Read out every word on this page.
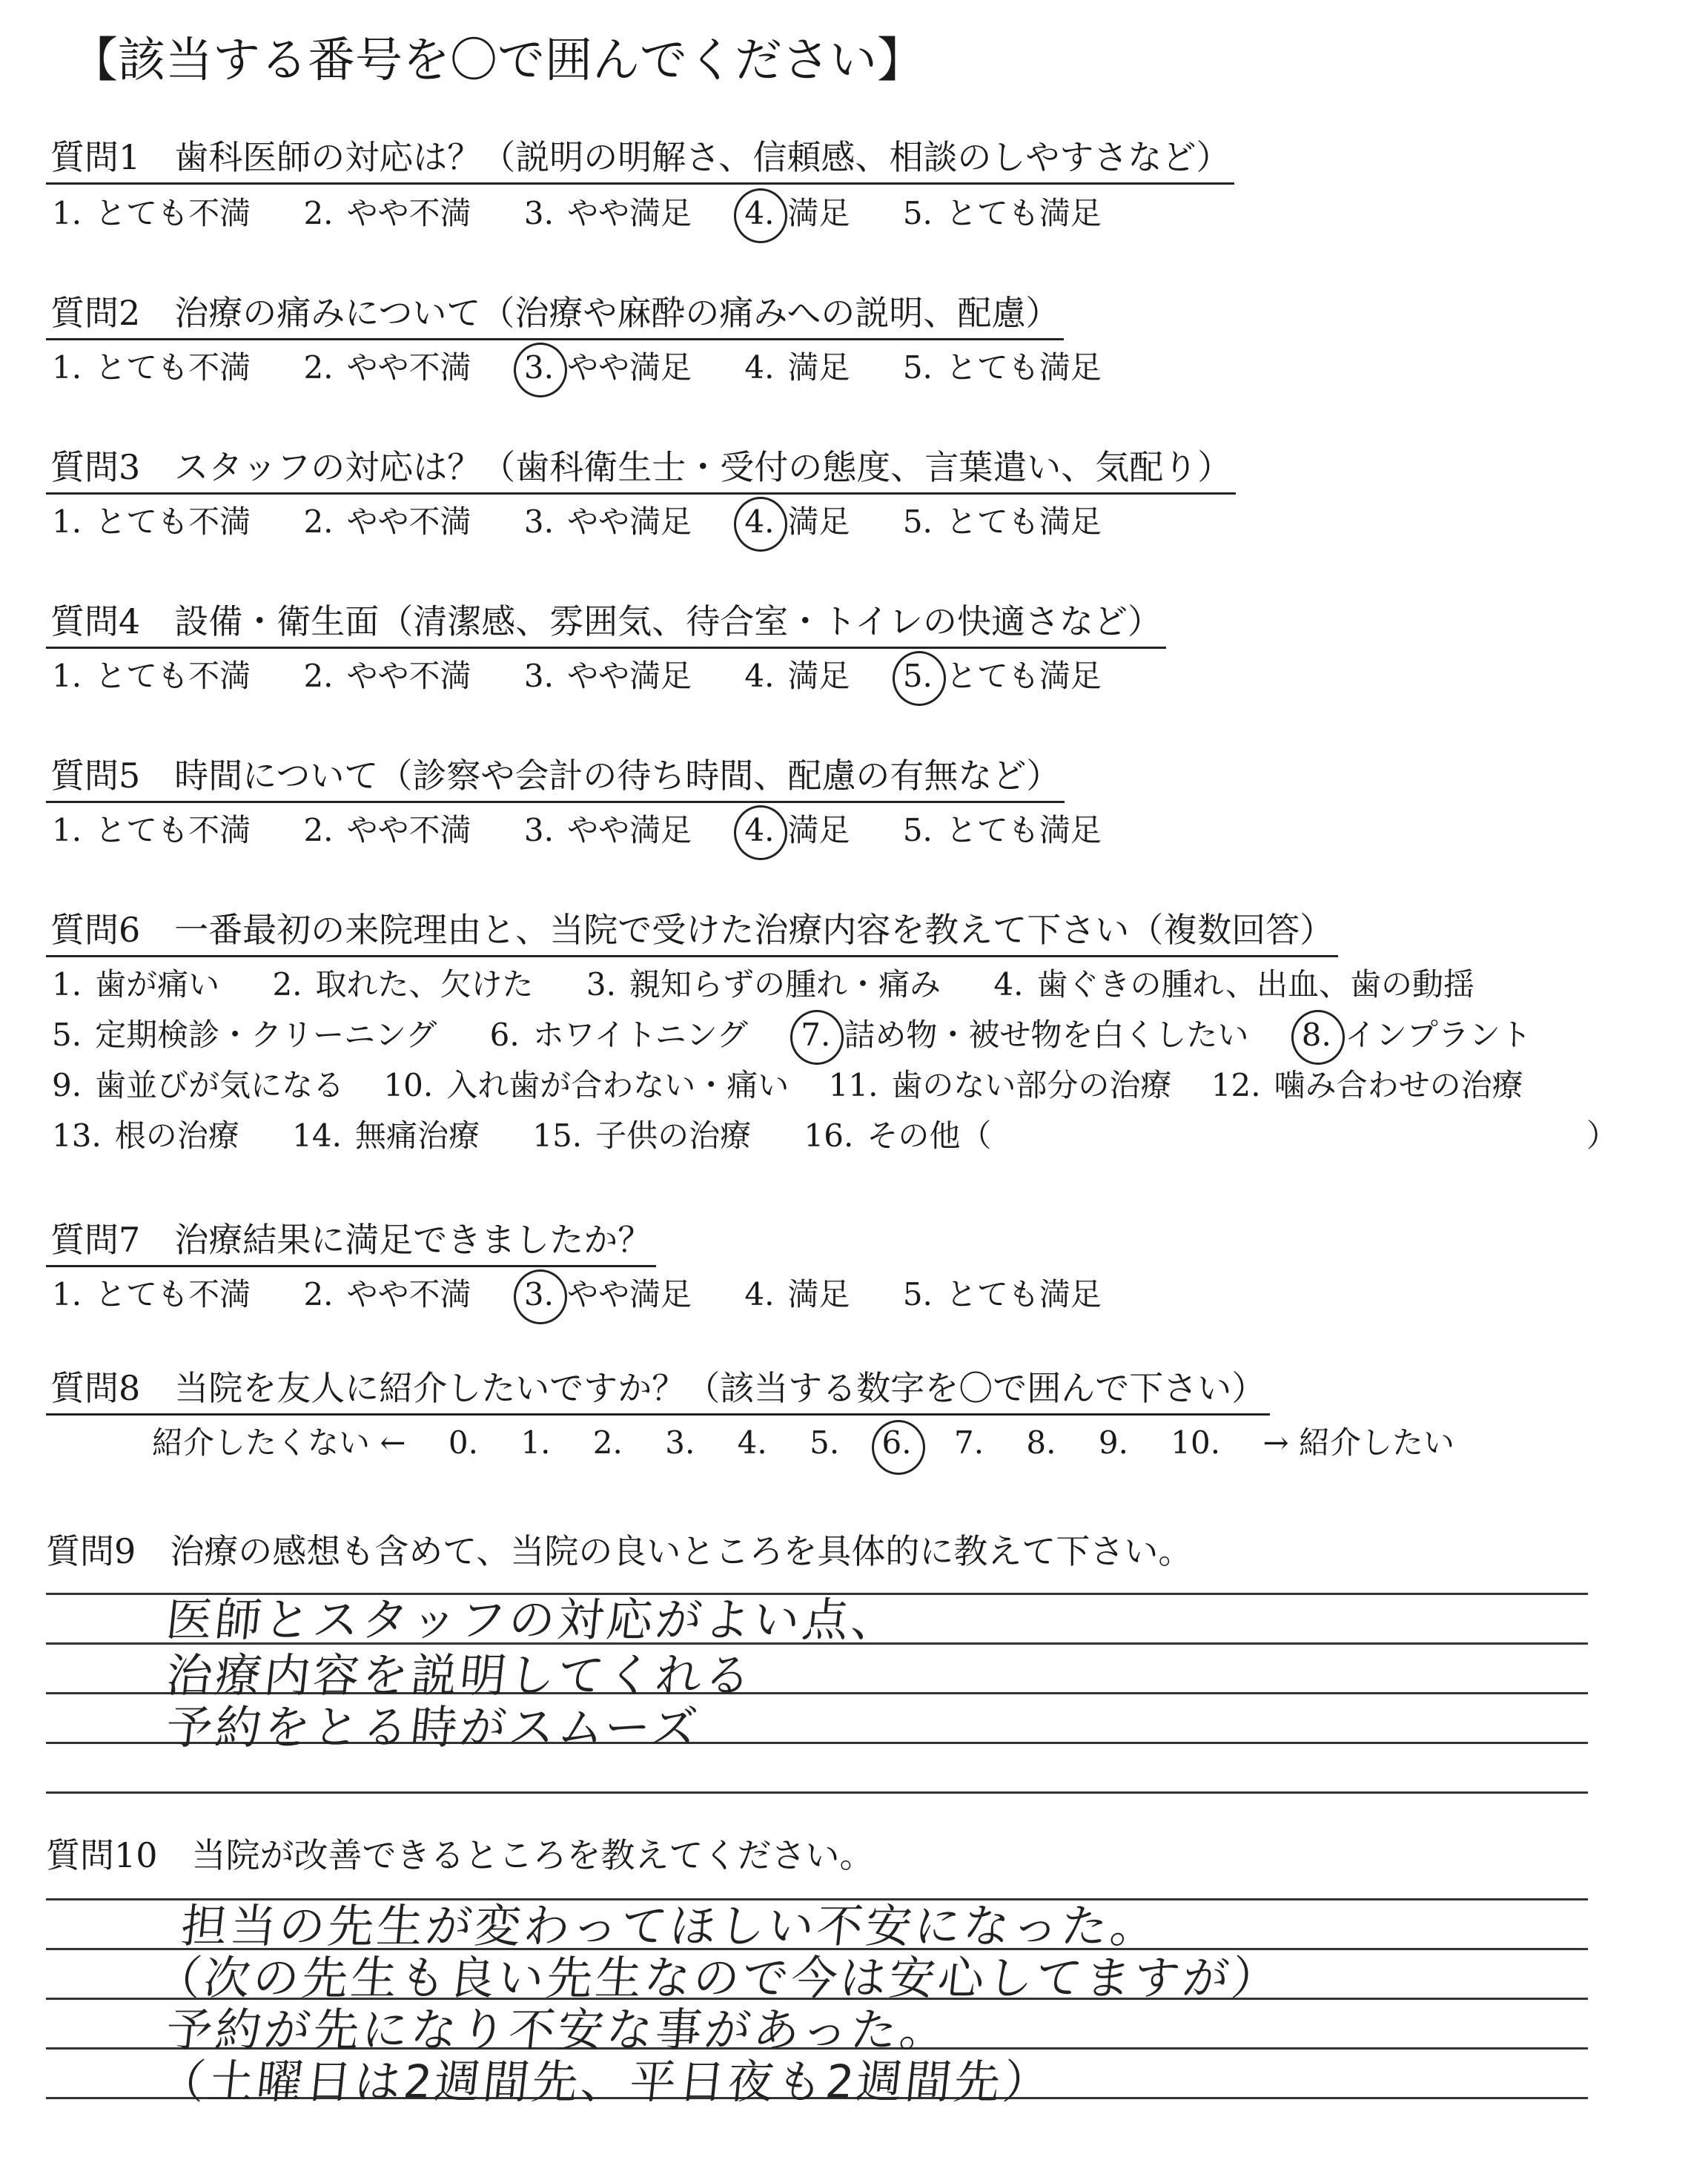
【該当する番号を〇で囲んでください】
質問1　歯科医師の対応は？（説明の明解さ、信頼感、相談のしやすさなど）
1. とても不満 2. やや不満 3. やや満足 4. 満足 5. とても満足
質問2　治療の痛みについて（治療や麻酔の痛みへの説明、配慮）
1. とても不満 2. やや不満 3. やや満足 4. 満足 5. とても満足
質問3　スタッフの対応は？（歯科衛生士・受付の態度、言葉遣い、気配り）
1. とても不満 2. やや不満 3. やや満足 4. 満足 5. とても満足
質問4　設備・衛生面（清潔感、雰囲気、待合室・トイレの快適さなど）
1. とても不満 2. やや不満 3. やや満足 4. 満足 5. とても満足
質問5　時間について（診察や会計の待ち時間、配慮の有無など）
1. とても不満 2. やや不満 3. やや満足 4. 満足 5. とても満足
質問6　一番最初の来院理由と、当院で受けた治療内容を教えて下さい（複数回答）
1. 歯が痛い 2. 取れた、欠けた 3. 親知らずの腫れ・痛み 4. 歯ぐきの腫れ、出血、歯の動揺
5. 定期検診・クリーニング 6. ホワイトニング 7. 詰め物・被せ物を白くしたい 8. インプラント
9. 歯並びが気になる 10. 入れ歯が合わない・痛い 11. 歯のない部分の治療 12. 噛み合わせの治療
13. 根の治療 14. 無痛治療 15. 子供の治療 16. その他（	）
質問7　治療結果に満足できましたか？
1. とても不満 2. やや不満 3. やや満足 4. 満足 5. とても満足
質問8　当院を友人に紹介したいですか？（該当する数字を〇で囲んで下さい）
紹介したくない ← 0. 1. 2. 3. 4. 5. 6. 7. 8. 9. 10. → 紹介したい
質問9　治療の感想も含めて、当院の良いところを具体的に教えて下さい。
医師とスタッフの対応がよい点、
治療内容を説明してくれる
予約をとる時がスムーズ
質問10　当院が改善できるところを教えてください。
担当の先生が変わってほしい不安になった。
（次の先生も良い先生なので今は安心してますが）
予約が先になり不安な事があった。
（土曜日は2週間先、平日夜も2週間先）
